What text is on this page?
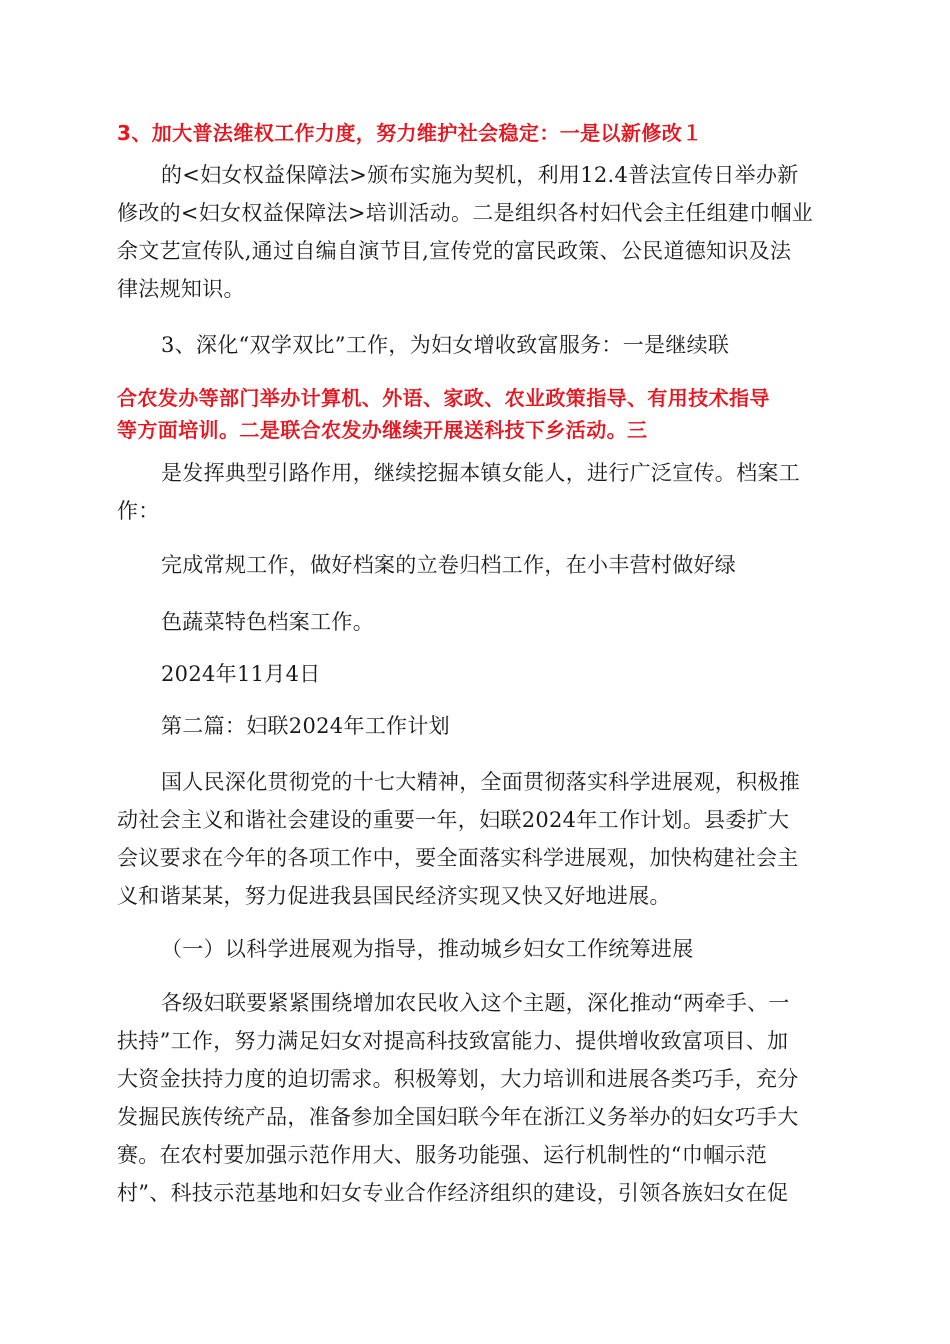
3、加大普法维权工作力度，努力维护社会稳定：一是以新修改１

的<妇女权益保障法>颁布实施为契机，利用12.4普法宣传日举办新
修改的<妇女权益保障法>培训活动。二是组织各村妇代会主任组建巾帼业
余文艺宣传队,通过自编自演节目,宣传党的富民政策、公民道德知识及法
律法规知识。

3、深化“双学双比”工作，为妇女增收致富服务：一是继续联

合农发办等部门举办计算机、外语、家政、农业政策指导、有用技术指导
等方面培训。二是联合农发办继续开展送科技下乡活动。三

是发挥典型引路作用，继续挖掘本镇女能人，进行广泛宣传。档案工
作：

完成常规工作，做好档案的立卷归档工作，在小丰营村做好绿

色蔬菜特色档案工作。

2024年11月4日

第二篇：妇联2024年工作计划

国人民深化贯彻党的十七大精神，全面贯彻落实科学进展观，积极推
动社会主义和谐社会建设的重要一年，妇联2024年工作计划。县委扩大
会议要求在今年的各项工作中，要全面落实科学进展观，加快构建社会主
义和谐某某，努力促进我县国民经济实现又快又好地进展。

（一）以科学进展观为指导，推动城乡妇女工作统筹进展

各级妇联要紧紧围绕增加农民收入这个主题，深化推动“两牵手、一
扶持”工作，努力满足妇女对提高科技致富能力、提供增收致富项目、加
大资金扶持力度的迫切需求。积极筹划，大力培训和进展各类巧手，充分
发掘民族传统产品，准备参加全国妇联今年在浙江义务举办的妇女巧手大
赛。在农村要加强示范作用大、服务功能强、运行机制性的“巾帼示范
村”、科技示范基地和妇女专业合作经济组织的建设，引领各族妇女在促
